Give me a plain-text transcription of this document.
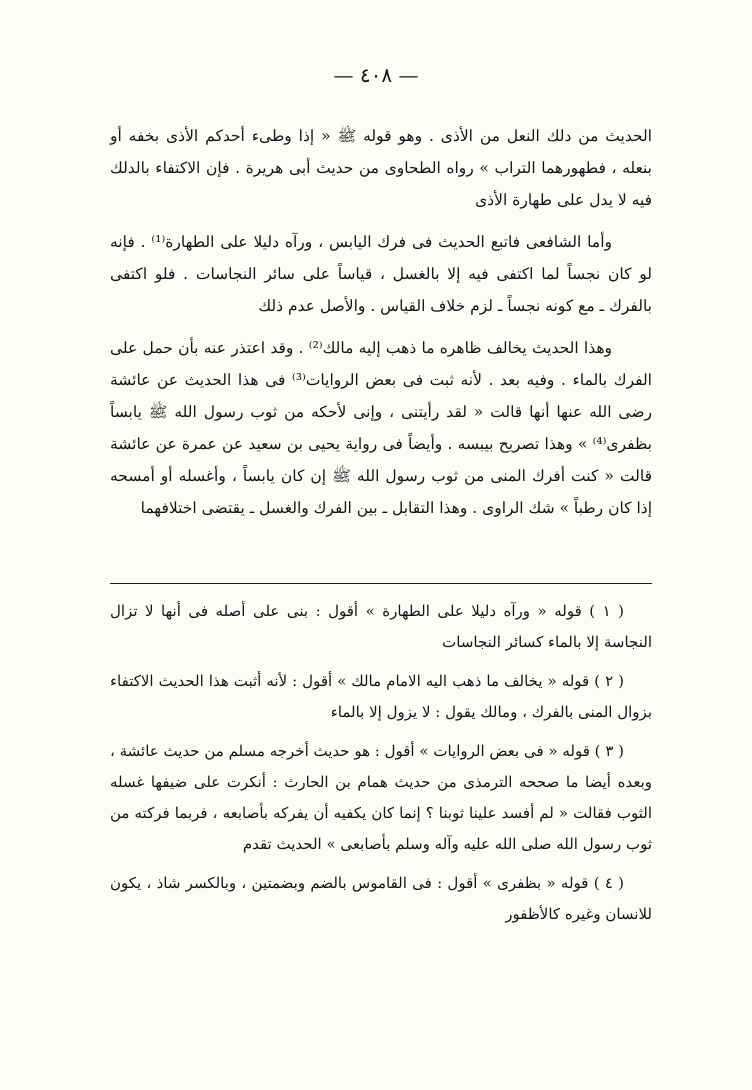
— ٤٠٨ —

الحديث من دلك النعل من الأذى . وهو قوله ﷺ « إذا وطىء أحدكم الأذى بخفه أو بنعله ، فطهورهما التراب » رواه الطحاوى من حديث أبى هريرة . فإن الاكتفاء بالدلك فيه لا يدل على طهارة الأذى

وأما الشافعى فاتبع الحديث فى فرك اليابس ، ورآه دليلا على الطهارة⁽¹⁾ . فإنه لو كان نجساً لما اكتفى فيه إلا بالغسل ، قياساً على سائر النجاسات . فلو اكتفى بالفرك ـ مع كونه نجساً ـ لزم خلاف القياس . والأصل عدم ذلك

وهذا الحديث يخالف ظاهره ما ذهب إليه مالك⁽²⁾ . وقد اعتذر عنه بأن حمل على الفرك بالماء . وفيه بعد . لأنه ثبت فى بعض الروايات⁽³⁾ فى هذا الحديث عن عائشة رضى الله عنها أنها قالت « لقد رأيتنى ، وإنى لأحكه من ثوب رسول الله ﷺ يابساً بظفرى⁽⁴⁾ » وهذا تصريح بيبسه . وأيضاً فى رواية يحيى بن سعيد عن عمرة عن عائشة قالت « كنت أفرك المنى من ثوب رسول الله ﷺ إن كان يابساً ، وأغسله أو أمسحه إذا كان رطباً » شك الراوى . وهذا التقابل ـ بين الفرك والغسل ـ يقتضى اختلافهما

( ١ ) قوله « ورآه دليلا على الطهارة » أقول : بنى على أصله فى أنها لا تزال النجاسة إلا بالماء كسائر النجاسات

( ٢ ) قوله « يخالف ما ذهب اليه الامام مالك » أقول : لأنه أثبت هذا الحديث الاكتفاء بزوال المنى بالفرك ، ومالك يقول : لا يزول إلا بالماء

( ٣ ) قوله « فى بعض الروايات » أقول : هو حديث أخرجه مسلم من حديث عائشة ، وبعده أيضا ما صححه الترمذى من حديث همام بن الحارث : أنكرت على ضيفها غسله الثوب فقالت « لم أفسد علينا ثوبنا ؟ إنما كان يكفيه أن يفركه بأصابعه ، فربما فركته من ثوب رسول الله صلى الله عليه وآله وسلم بأصابعى » الحديث تقدم

( ٤ ) قوله « بظفرى » أقول : فى القاموس بالضم وبضمتين ، وبالكسر شاذ ، يكون للانسان وغيره كالأظفور
